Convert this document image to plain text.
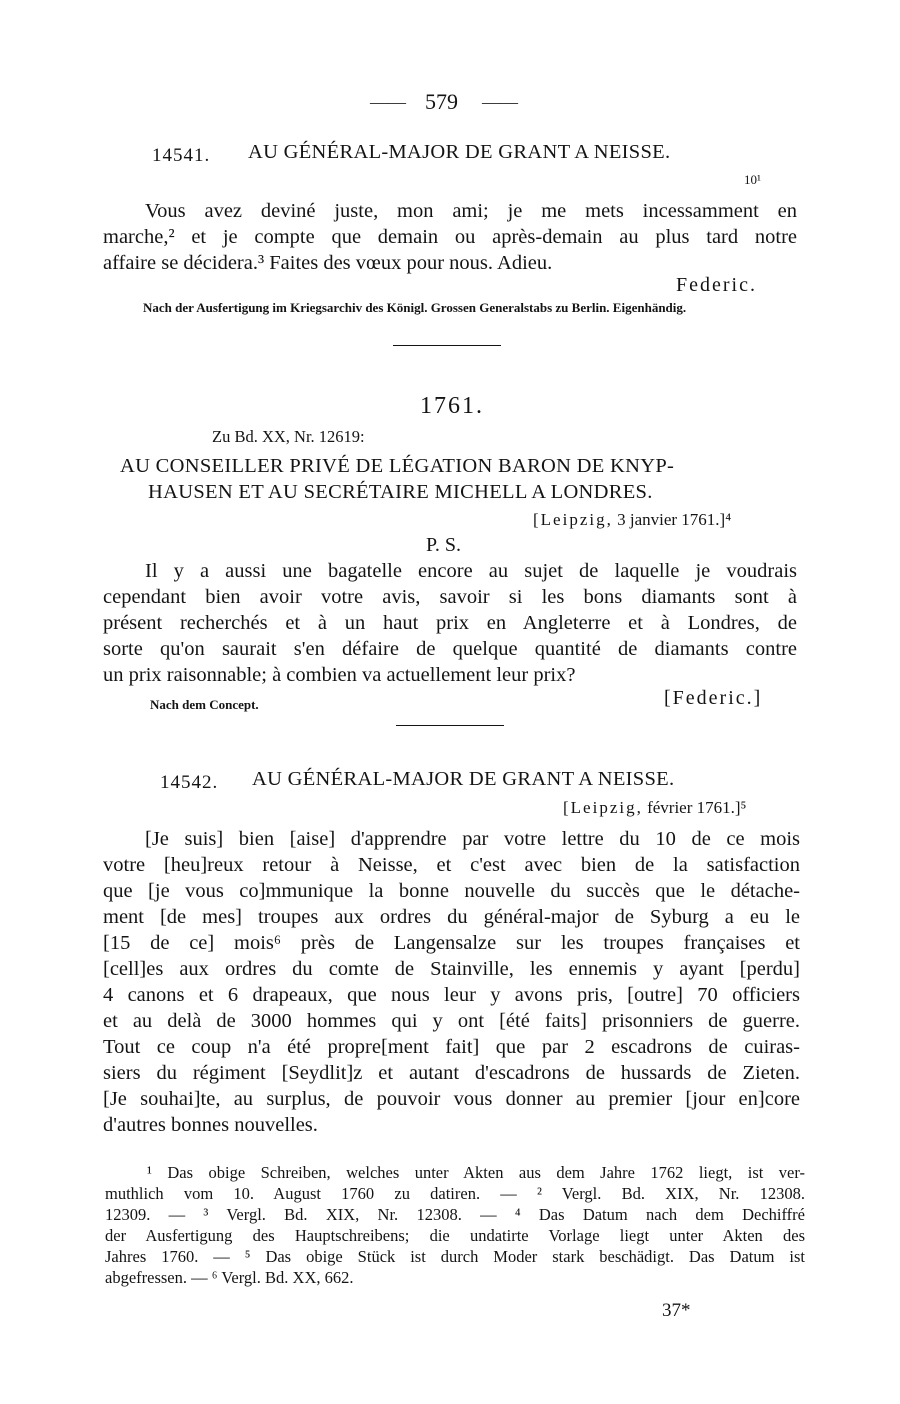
—— 579 ——
14541. AU GÉNÉRAL-MAJOR DE GRANT A NEISSE.
10¹
Vous avez deviné juste, mon ami; je me mets incessamment en
marche,² et je compte que demain ou après-demain au plus tard notre
affaire se décidera.³ Faites des vœux pour nous. Adieu.
Federic.
Nach der Ausfertigung im Kriegsarchiv des Königl. Grossen Generalstabs zu Berlin. Eigenhändig.
1761.
Zu Bd. XX, Nr. 12619:
AU CONSEILLER PRIVÉ DE LÉGATION BARON DE KNYP-
HAUSEN ET AU SECRÉTAIRE MICHELL A LONDRES.
[Leipzig, 3 janvier 1761.]⁴
P. S.
Il y a aussi une bagatelle encore au sujet de laquelle je voudrais
cependant bien avoir votre avis, savoir si les bons diamants sont à
présent recherchés et à un haut prix en Angleterre et à Londres, de
sorte qu'on saurait s'en défaire de quelque quantité de diamants contre
un prix raisonnable; à combien va actuellement leur prix?
Nach dem Concept.	[Federic.]
14542. AU GÉNÉRAL-MAJOR DE GRANT A NEISSE.
[Leipzig, février 1761.]⁵
[Je suis] bien [aise] d'apprendre par votre lettre du 10 de ce mois
votre [heu]reux retour à Neisse, et c'est avec bien de la satisfaction
que [je vous co]mmunique la bonne nouvelle du succès que le détache-
ment [de mes] troupes aux ordres du général-major de Syburg a eu le
[15 de ce] mois⁶ près de Langensalze sur les troupes françaises et
[cell]es aux ordres du comte de Stainville, les ennemis y ayant [perdu]
4 canons et 6 drapeaux, que nous leur y avons pris, [outre] 70 officiers
et au delà de 3000 hommes qui y ont [été faits] prisonniers de guerre.
Tout ce coup n'a été propre[ment fait] que par 2 escadrons de cuiras-
siers du régiment [Seydlit]z et autant d'escadrons de hussards de Zieten.
[Je souhai]te, au surplus, de pouvoir vous donner au premier [jour en]core
d'autres bonnes nouvelles.
¹ Das obige Schreiben, welches unter Akten aus dem Jahre 1762 liegt, ist ver-
muthlich vom 10. August 1760 zu datiren. — ² Vergl. Bd. XIX, Nr. 12308.
12309. — ³ Vergl. Bd. XIX, Nr. 12308. — ⁴ Das Datum nach dem Dechiffré
der Ausfertigung des Hauptschreibens; die undatirte Vorlage liegt unter Akten des
Jahres 1760. — ⁵ Das obige Stück ist durch Moder stark beschädigt. Das Datum ist
abgefressen. — ⁶ Vergl. Bd. XX, 662.
37*
